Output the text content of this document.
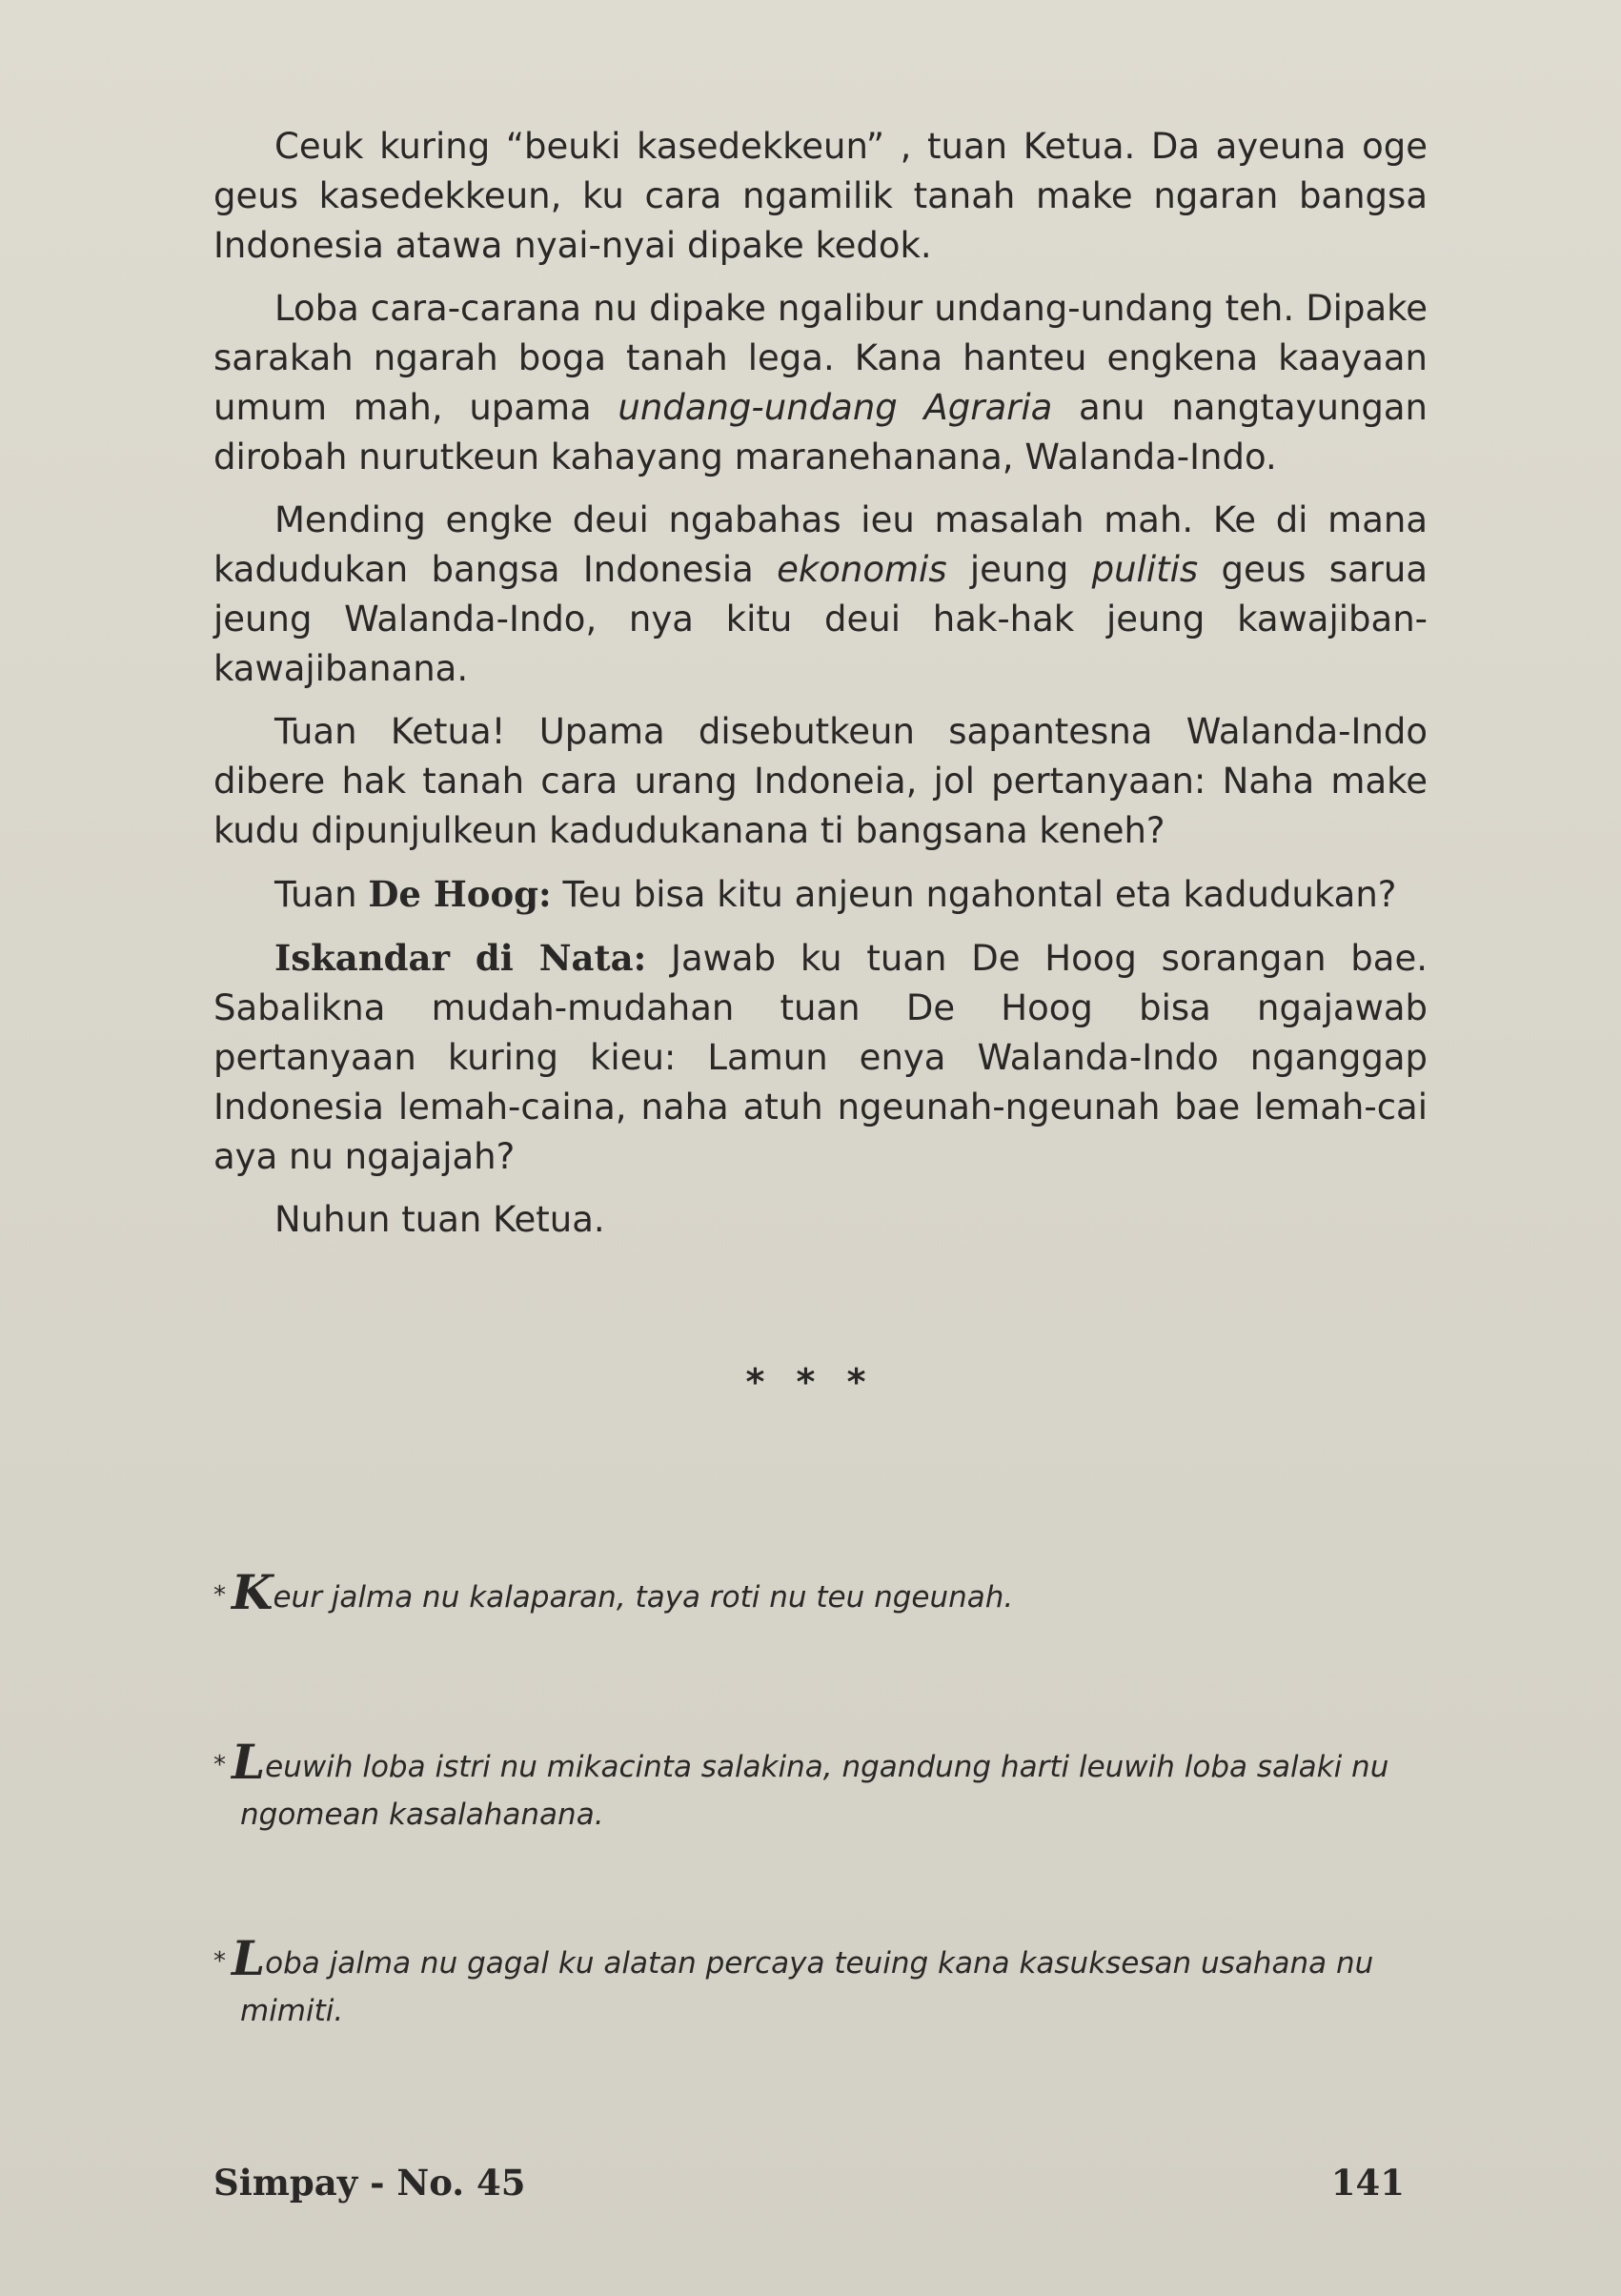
Ceuk kuring “beuki kasedekkeun” , tuan Ketua. Da ayeuna oge geus kasedekkeun, ku cara ngamilik tanah make ngaran bangsa Indonesia atawa nyai-nyai dipake kedok.

Loba cara-carana nu dipake ngalibur undang-undang teh. Dipake sarakah ngarah boga tanah lega. Kana hanteu engkena kaayaan umum mah, upama undang-undang Agraria anu nangtayungan dirobah nurutkeun kahayang maranehanana, Walanda-Indo.

Mending engke deui ngabahas ieu masalah mah. Ke di mana kadudukan bangsa Indonesia ekonomis jeung pulitis geus sarua jeung Walanda-Indo, nya kitu deui hak-hak jeung kawajiban-kawajibanana.

Tuan Ketua! Upama disebutkeun sapantesna Walanda-Indo dibere hak tanah cara urang Indoneia, jol pertanyaan: Naha make kudu dipunjulkeun kadudukanana ti bangsana keneh?

Tuan De Hoog: Teu bisa kitu anjeun ngahontal eta kadudukan?

Iskandar di Nata: Jawab ku tuan De Hoog sorangan bae. Sabalikna mudah-mudahan tuan De Hoog bisa ngajawab pertanyaan kuring kieu: Lamun enya Walanda-Indo nganggap Indonesia lemah-caina, naha atuh ngeunah-ngeunah bae lemah-cai aya nu ngajajah?

Nuhun tuan Ketua.

* * *

* Keur jalma nu kalaparan, taya roti nu teu ngeunah.

* Leuwih loba istri nu mikacinta salakina, ngandung harti leuwih loba salaki nu ngomean kasalahanana.

* Loba jalma nu gagal ku alatan percaya teuing kana kasuksesan usahana nu mimiti.

Simpay - No. 45	141
